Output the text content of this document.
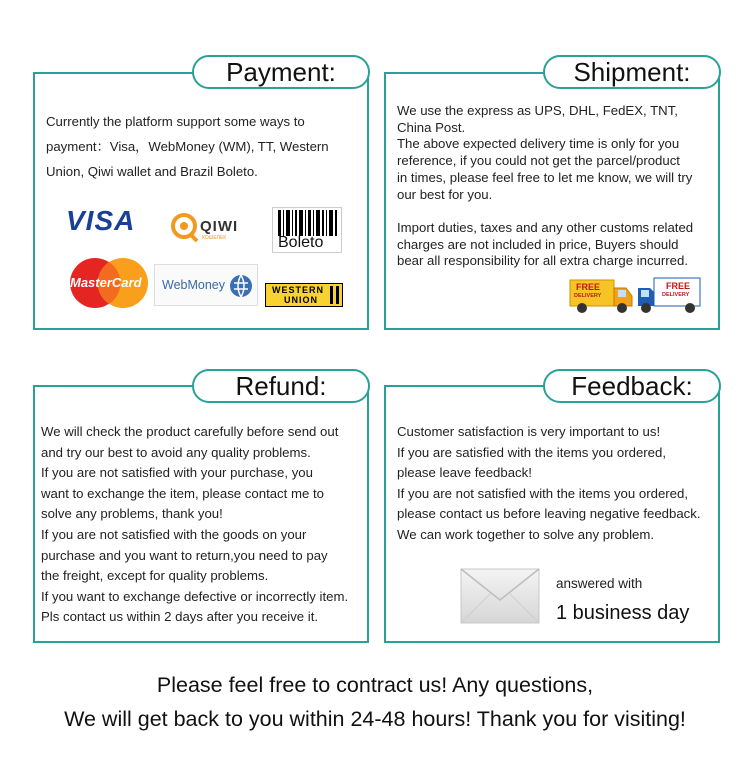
Payment:

Currently the platform support some ways to

payment：Visa，WebMoney (WM), TT, Western

Union, Qiwi wallet and Brazil Boleto.

VISA	QIWI
КОШЕЛЕК	Boleto
MasterCard WebMoney	WESTERN
UNION
Shipment:

We use the express as UPS, DHL, FedEX, TNT,

China Post.

The above expected delivery time is only for you

reference, if you could not get the parcel/product

in times, please feel free to let me know, we will try

our best for you.

Import duties, taxes and any other customs related

charges are not included in price, Buyers should

bear all responsibility for all extra charge incurred.

FREE
DELIVERY
FREE
DELIVERY
Refund:

We will check the product carefully before send out

and try our best to avoid any quality problems.

If you are not satisfied with your purchase, you

want to exchange the item, please contact me to

solve any problems, thank you!

If you are not satisfied with the goods on your

purchase and you want to return,you need to pay

the freight, except for quality problems.

If you want to exchange defective or incorrectly item.

Pls contact us within 2 days after you receive it.

Feedback:

Customer satisfaction is very important to us!

If you are satisfied with the items you ordered,

please leave feedback!

If you are not satisfied with the items you ordered,

please contact us before leaving negative feedback.

We can work together to solve any problem.

answered with
1 business day
Please feel free to contract us! Any questions,
We will get back to you within 24-48 hours! Thank you for visiting!
